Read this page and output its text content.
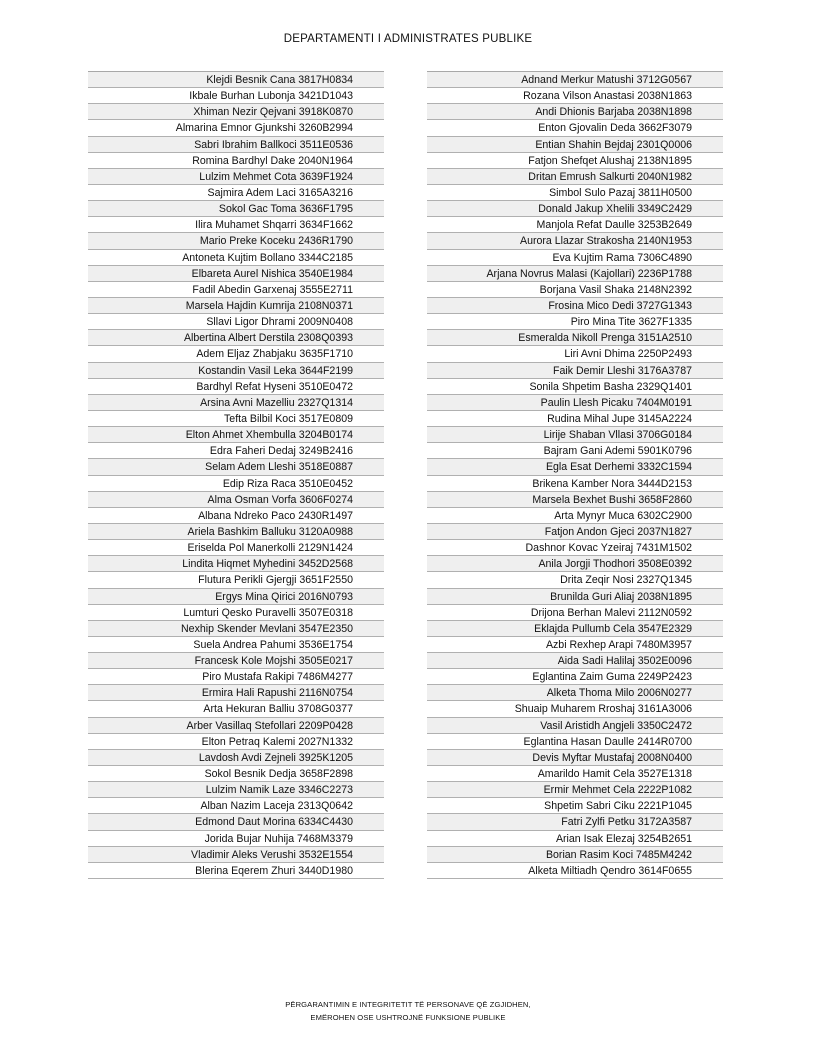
DEPARTAMENTI I ADMINISTRATES PUBLIKE
Klejdi Besnik Cana 3817H0834
Ikbale Burhan Lubonja 3421D1043
Xhiman Nezir Qejvani 3918K0870
Almarina Emnor Gjunkshi 3260B2994
Sabri Ibrahim Ballkoci 3511E0536
Romina Bardhyl Dake 2040N1964
Lulzim Mehmet Cota 3639F1924
Sajmira Adem Laci 3165A3216
Sokol Gac Toma 3636F1795
Ilira Muhamet Shqarri 3634F1662
Mario Preke Koceku 2436R1790
Antoneta Kujtim Bollano 3344C2185
Elbareta Aurel Nishica 3540E1984
Fadil Abedin Garxenaj 3555E2711
Marsela Hajdin Kumrija 2108N0371
Sllavi Ligor Dhrami 2009N0408
Albertina Albert Derstila 2308Q0393
Adem Eljaz Zhabjaku 3635F1710
Kostandin Vasil Leka 3644F2199
Bardhyl Refat Hyseni 3510E0472
Arsina Avni Mazelliu 2327Q1314
Tefta Bilbil Koci 3517E0809
Elton Ahmet Xhembulla 3204B0174
Edra Faheri Dedaj 3249B2416
Selam Adem Lleshi 3518E0887
Edip Riza Raca 3510E0452
Alma Osman Vorfa 3606F0274
Albana Ndreko Paco 2430R1497
Ariela Bashkim Balluku 3120A0988
Eriselda Pol Manerkolli 2129N1424
Lindita Hiqmet Myhedini 3452D2568
Flutura Perikli Gjergji 3651F2550
Ergys Mina Qirici 2016N0793
Lumturi Qesko Puravelli 3507E0318
Nexhip Skender Mevlani 3547E2350
Suela Andrea Pahumi 3536E1754
Francesk Kole Mojshi 3505E0217
Piro Mustafa Rakipi 7486M4277
Ermira Hali Rapushi 2116N0754
Arta Hekuran Balliu 3708G0377
Arber Vasillaq Stefollari 2209P0428
Elton Petraq Kalemi 2027N1332
Lavdosh Avdi Zejneli 3925K1205
Sokol Besnik Dedja 3658F2898
Lulzim Namik Laze 3346C2273
Alban Nazim Laceja 2313Q0642
Edmond Daut Morina 6334C4430
Jorida Bujar Nuhija 7468M3379
Vladimir Aleks Verushi 3532E1554
Blerina Eqerem Zhuri 3440D1980
Adnand Merkur Matushi 3712G0567
Rozana Vilson Anastasi 2038N1863
Andi Dhionis Barjaba 2038N1898
Enton Gjovalin Deda 3662F3079
Entian Shahin Bejdaj 2301Q0006
Fatjon Shefqet Alushaj 2138N1895
Dritan Emrush Salkurti 2040N1982
Simbol Sulo Pazaj 3811H0500
Donald Jakup Xhelili 3349C2429
Manjola Refat Daulle 3253B2649
Aurora Llazar Strakosha 2140N1953
Eva Kujtim Rama 7306C4890
Arjana Novrus Malasi (Kajollari) 2236P1788
Borjana Vasil Shaka 2148N2392
Frosina Mico Dedi 3727G1343
Piro Mina Tite 3627F1335
Esmeralda Nikoll Prenga 3151A2510
Liri Avni Dhima 2250P2493
Faik Demir Lleshi 3176A3787
Sonila Shpetim Basha 2329Q1401
Paulin Llesh Picaku 7404M0191
Rudina Mihal Jupe 3145A2224
Lirije Shaban Vllasi 3706G0184
Bajram Gani Ademi 5901K0796
Egla Esat Derhemi 3332C1594
Brikena Kamber Nora 3444D2153
Marsela Bexhet Bushi 3658F2860
Arta Mynyr Muca 6302C2900
Fatjon Andon Gjeci 2037N1827
Dashnor Kovac Yzeiraj 7431M1502
Anila Jorgji Thodhori 3508E0392
Drita Zeqir Nosi 2327Q1345
Brunilda Guri Aliaj 2038N1895
Drijona Berhan Malevi 2112N0592
Eklajda Pullumb Cela 3547E2329
Azbi Rexhep Arapi 7480M3957
Aida Sadi Halilaj 3502E0096
Eglantina Zaim Guma 2249P2423
Alketa Thoma Milo 2006N0277
Shuaip Muharem Rroshaj 3161A3006
Vasil Aristidh Angjeli 3350C2472
Eglantina Hasan Daulle 2414R0700
Devis Myftar Mustafaj 2008N0400
Amarildo Hamit Cela 3527E1318
Ermir Mehmet Cela 2222P1082
Shpetim Sabri Ciku 2221P1045
Fatri Zylfi Petku 3172A3587
Arian Isak Elezaj 3254B2651
Borian Rasim Koci 7485M4242
Alketa Miltiadh Qendro 3614F0655
PËRGARANTIMIN E INTEGRITETIT TË PERSONAVE QË ZGJIDHEN,
EMËROHEN OSE USHTROJNË FUNKSIONE PUBLIKE
